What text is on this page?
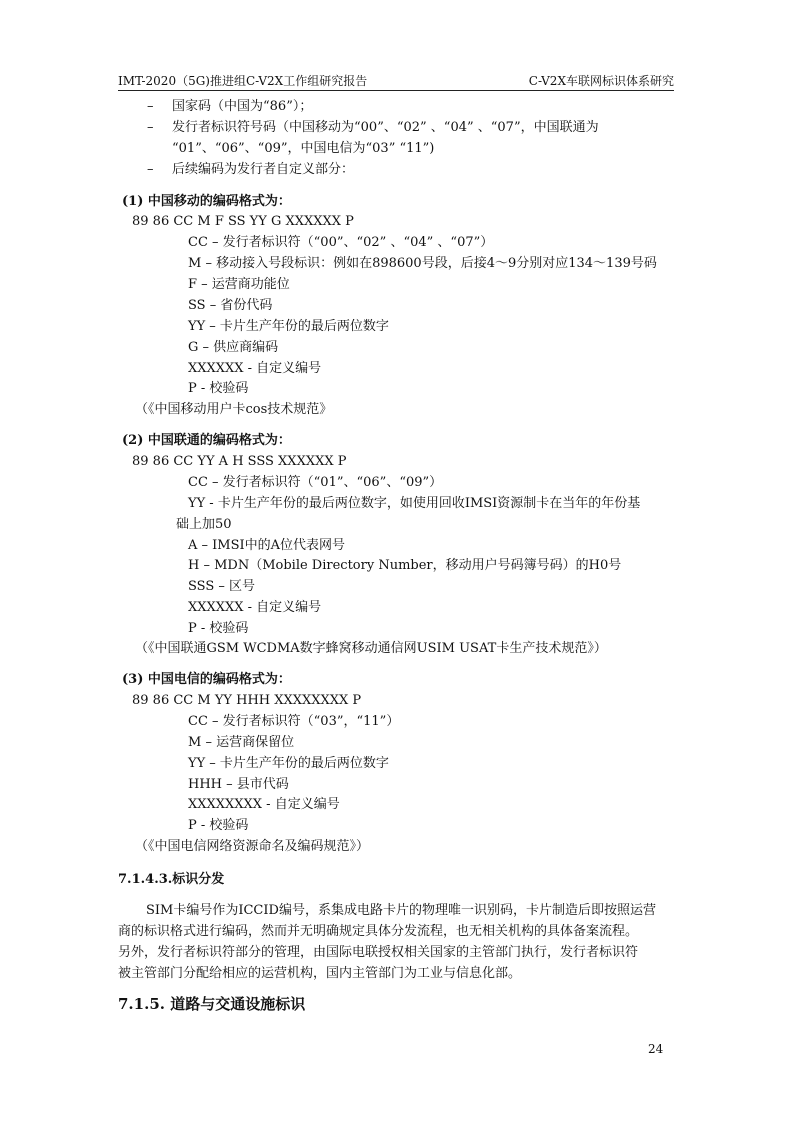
IMT-2020（5G)推进组C-V2X工作组研究报告	C-V2X车联网标识体系研究
– 国家码（中国为“86”）；
– 发行者标识符号码（中国移动为“00”、“02” 、“04” 、“07”，中国联通为
“01”、“06”、“09”，中国电信为“03” “11”)
– 后续编码为发行者自定义部分：
(1) 中国移动的编码格式为：
89 86 CC M F SS YY G XXXXXX P
CC – 发行者标识符（“00”、“02” 、“04” 、“07”）
M – 移动接入号段标识：例如在898600号段，后接4～9分别对应134～139号码
F – 运营商功能位
SS – 省份代码
YY – 卡片生产年份的最后两位数字
G – 供应商编码
XXXXXX - 自定义编号
P - 校验码
（《中国移动用户卡cos技术规范》
(2) 中国联通的编码格式为：
89 86 CC YY A H SSS XXXXXX P
CC – 发行者标识符（“01”、“06”、“09”）
YY - 卡片生产年份的最后两位数字，如使用回收IMSI资源制卡在当年的年份基
础上加50
A – IMSI中的A位代表网号
H – MDN（Mobile Directory Number，移动用户号码簿号码）的H0号
SSS – 区号
XXXXXX - 自定义编号
P - 校验码
（《中国联通GSM WCDMA数字蜂窝移动通信网USIM USAT卡生产技术规范》）
(3) 中国电信的编码格式为：
89 86 CC M YY HHH XXXXXXXX P
CC – 发行者标识符（“03”，“11”）
M – 运营商保留位
YY – 卡片生产年份的最后两位数字
HHH – 县市代码
XXXXXXXX - 自定义编号
P - 校验码
（《中国电信网络资源命名及编码规范》）
7.1.4.3.标识分发
SIM卡编号作为ICCID编号，系集成电路卡片的物理唯一识别码，卡片制造后即按照运营
商的标识格式进行编码，然而并无明确规定具体分发流程，也无相关机构的具体备案流程。
另外，发行者标识符部分的管理，由国际电联授权相关国家的主管部门执行，发行者标识符
被主管部门分配给相应的运营机构，国内主管部门为工业与信息化部。
7.1.5. 道路与交通设施标识
24
